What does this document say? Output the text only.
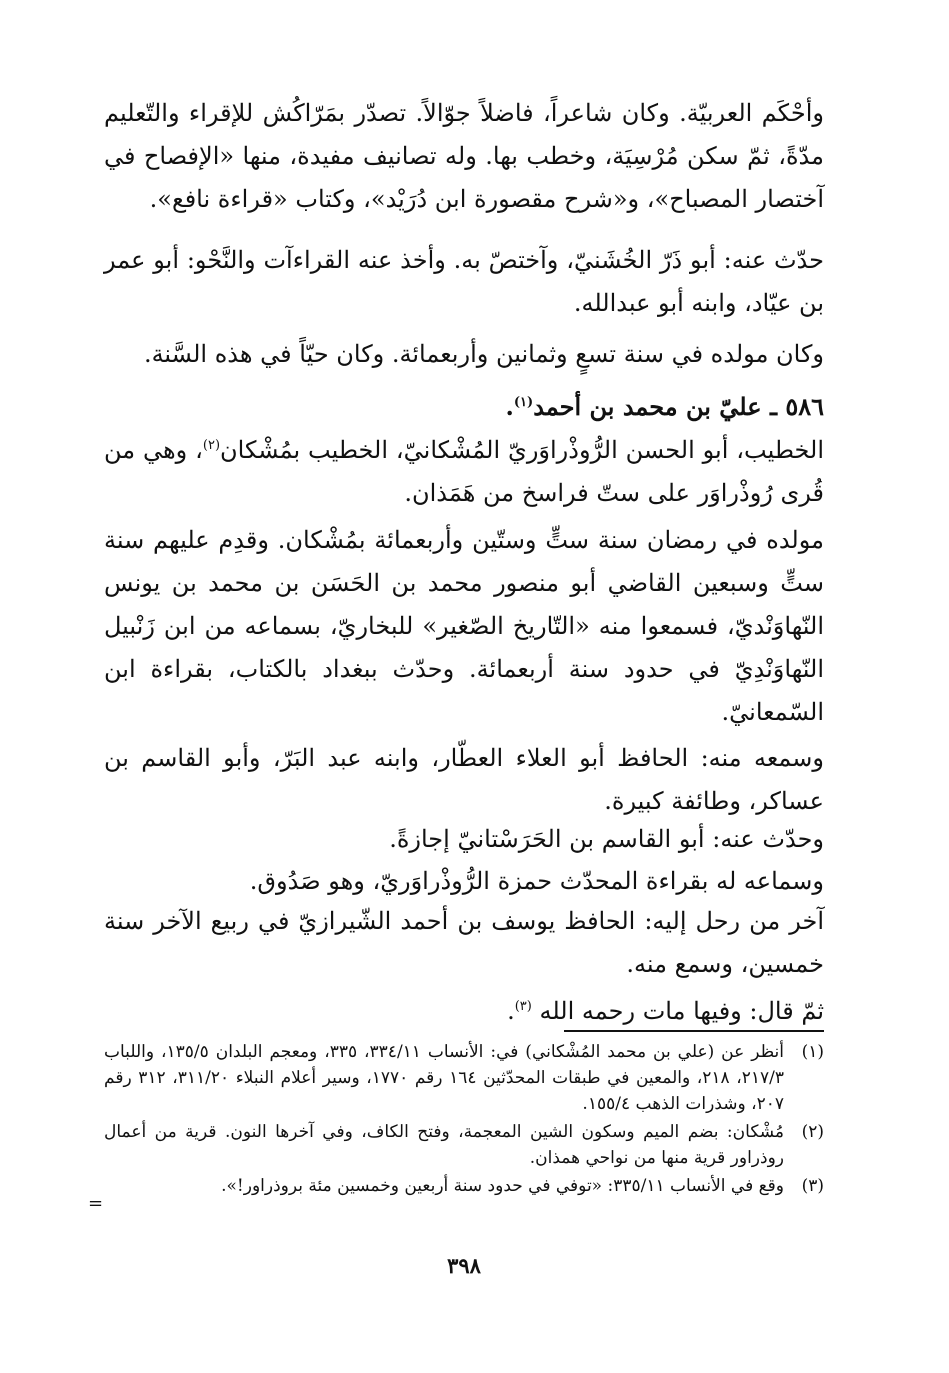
وأحْكَم العربيّة. وكان شاعراً، فاضلاً جوّالاً. تصدّر بمَرّاكُش للإقراء والتّعليم مدّةً، ثمّ سكن مُرْسِيَة، وخطب بها. وله تصانيف مفيدة، منها «الإفصاح في آختصار المصباح»، و«شرح مقصورة ابن دُرَيْد»، وكتاب «قراءة نافع».

حدّث عنه: أبو ذَرّ الخُشَنيّ، وآختصّ به. وأخذ عنه القراءآت والنَّحْو: أبو عمر بن عيّاد، وابنه أبو عبدالله.

وكان مولده في سنة تسعٍ وثمانين وأربعمائة. وكان حيّاً في هذه السَّنة.

٥٨٦ ـ عليّ بن محمد بن أحمد$^{(١)}$.

الخطيب، أبو الحسن الرُّوذْراوَريّ المُشْكانيّ، الخطيب بمُشْكان$^{(٢)}$، وهي من قُرى رُوذْراوَر على ستّ فراسخ من هَمَذان.

مولده في رمضان سنة ستٍّ وستّين وأربعمائة بمُشْكان. وقدِم عليهم سنة ستٍّ وسبعين القاضي أبو منصور محمد بن الحَسَن بن محمد بن يونس النّهاوَنْديّ، فسمعوا منه «التّاريخ الصّغير» للبخاريّ، بسماعه من ابن زَنْبيل النّهاوَنْدِيّ في حدود سنة أربعمائة. وحدّث ببغداد بالكتاب، بقراءة ابن السّمعانيّ.

وسمعه منه: الحافظ أبو العلاء العطّار، وابنه عبد البَرّ، وأبو القاسم بن عساكر، وطائفة كبيرة.

وحدّث عنه: أبو القاسم بن الحَرَسْتانيّ إجازةً.

وسماعه له بقراءة المحدّث حمزة الرُّوذْراوَريّ، وهو صَدُوق.

آخر من رحل إليه: الحافظ يوسف بن أحمد الشّيرازيّ في ربيع الآخر سنة خمسين، وسمع منه.

ثمّ قال: وفيها مات رحمه الله $^{(٣)}$.

(١)
أنظر عن (علي بن محمد المُشْكاني) في: الأنساب ٣٣٤/١١، ٣٣٥، ومعجم البلدان ١٣٥/٥، واللباب ٢١٧/٣، ٢١٨، والمعين في طبقات المحدّثين ١٦٤ رقم ١٧٧٠، وسير أعلام النبلاء ٣١١/٢٠، ٣١٢ رقم ٢٠٧، وشذرات الذهب ١٥٥/٤.

(٢)
مُشْكان: بضم الميم وسكون الشين المعجمة، وفتح الكاف، وفي آخرها النون. قرية من أعمال روذراور قرية منها من نواحي همذان.

(٣)
وقع في الأنساب ٣٣٥/١١: «توفي في حدود سنة أربعين وخمسين مئة بروذراور!».

=
٣٩٨
